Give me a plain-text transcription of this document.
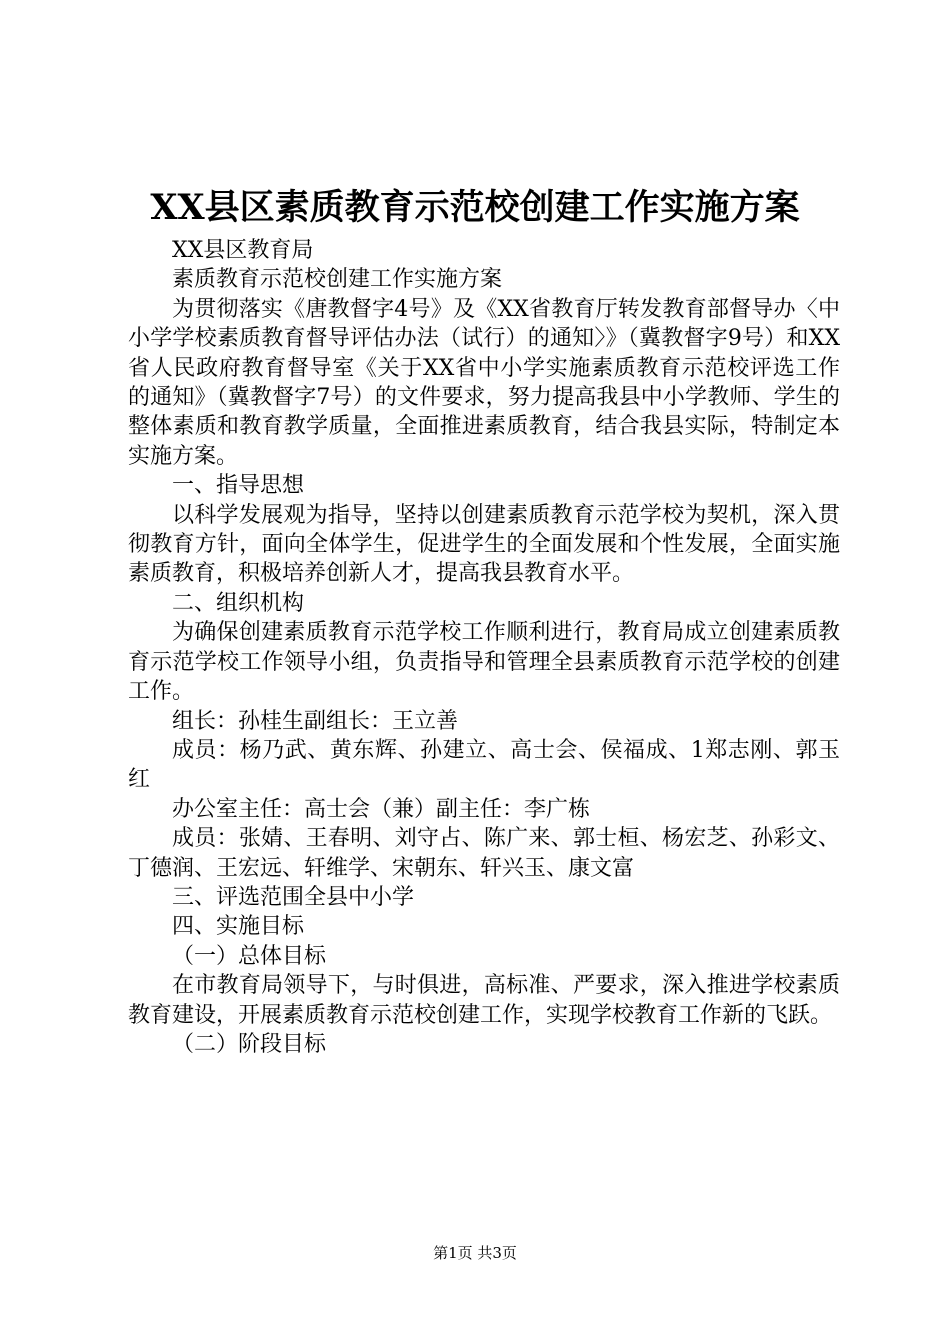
XX县区素质教育示范校创建工作实施方案

XX县区教育局

素质教育示范校创建工作实施方案

为贯彻落实《唐教督字4号》及《XX省教育厅转发教育部督导办〈中小学学校素质教育督导评估办法（试行）的通知〉》（冀教督字9号）和XX省人民政府教育督导室《关于XX省中小学实施素质教育示范校评选工作的通知》（冀教督字7号）的文件要求，努力提高我县中小学教师、学生的整体素质和教育教学质量，全面推进素质教育，结合我县实际，特制定本实施方案。

一、指导思想

以科学发展观为指导，坚持以创建素质教育示范学校为契机，深入贯彻教育方针，面向全体学生，促进学生的全面发展和个性发展，全面实施素质教育，积极培养创新人才，提高我县教育水平。

二、组织机构

为确保创建素质教育示范学校工作顺利进行，教育局成立创建素质教育示范学校工作领导小组，负责指导和管理全县素质教育示范学校的创建工作。

组长：孙桂生副组长：王立善

成员：杨乃武、黄东辉、孙建立、高士会、侯福成、1郑志刚、郭玉红

办公室主任：高士会（兼）副主任：李广栋

成员：张婧、王春明、刘守占、陈广来、郭士桓、杨宏芝、孙彩文、丁德润、王宏远、轩维学、宋朝东、轩兴玉、康文富

三、评选范围全县中小学

四、实施目标

（一）总体目标

在市教育局领导下，与时俱进，高标准、严要求，深入推进学校素质教育建设，开展素质教育示范校创建工作，实现学校教育工作新的飞跃。

（二）阶段目标

第1页 共3页
